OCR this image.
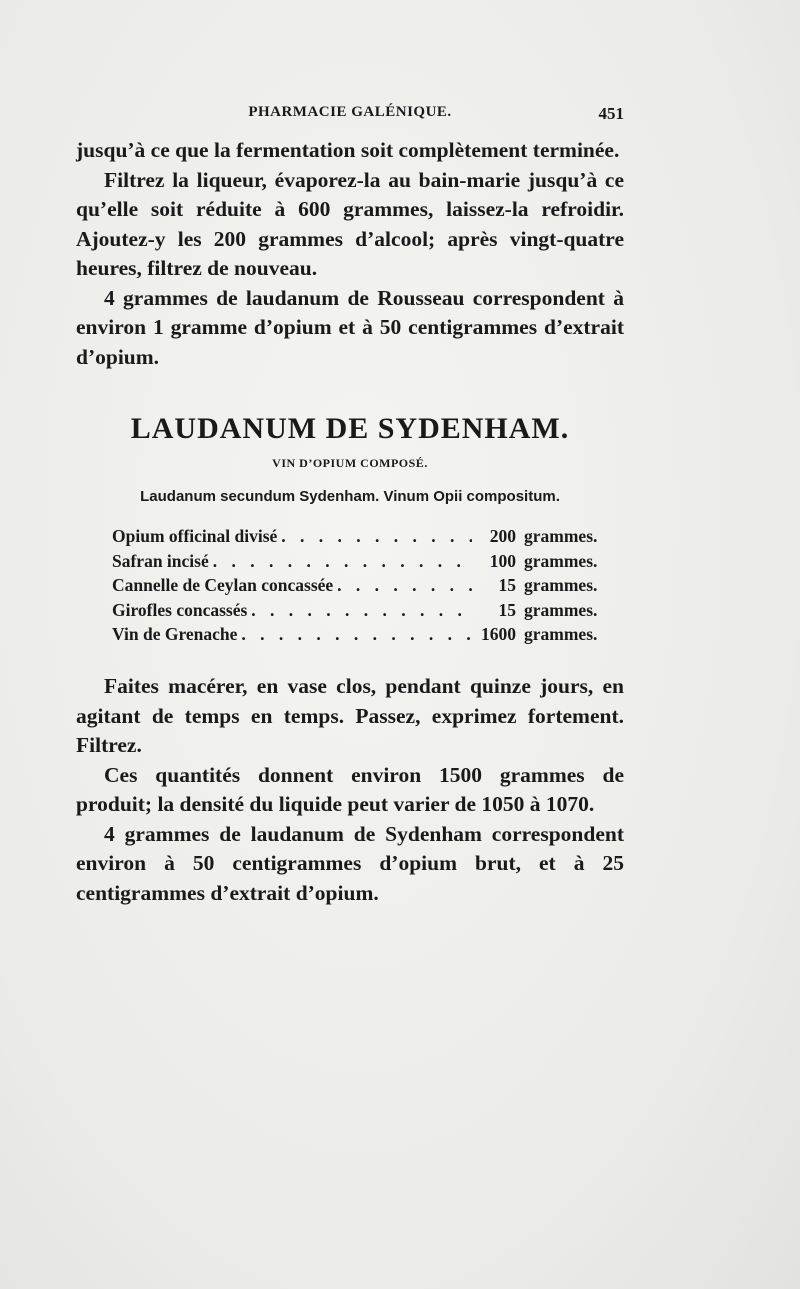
PHARMACIE GALÉNIQUE.	451

jusqu’à ce que la fermentation soit complètement terminée.

Filtrez la liqueur, évaporez-la au bain-marie jusqu’à ce qu’elle soit réduite à 600 grammes, laissez-la refroidir. Ajoutez-y les 200 grammes d’alcool; après vingt-quatre heures, filtrez de nouveau.

4 grammes de laudanum de Rousseau correspondent à environ 1 gramme d’opium et à 50 centigrammes d’extrait d’opium.

LAUDANUM DE SYDENHAM.
VIN D’OPIUM COMPOSÉ.
Laudanum secundum Sydenham. Vinum Opii compositum.
Opium officinal divisé . . .	200 grammes.
Safran incisé . . .	100 grammes.
Cannelle de Ceylan concassée . . .	15 grammes.
Girofles concassés . . .	15 grammes.
Vin de Grenache . . .	1600 grammes.

Faites macérer, en vase clos, pendant quinze jours, en agitant de temps en temps. Passez, exprimez fortement. Filtrez.

Ces quantités donnent environ 1500 grammes de produit; la densité du liquide peut varier de 1050 à 1070.

4 grammes de laudanum de Sydenham correspondent environ à 50 centigrammes d’opium brut, et à 25 centigrammes d’extrait d’opium.
